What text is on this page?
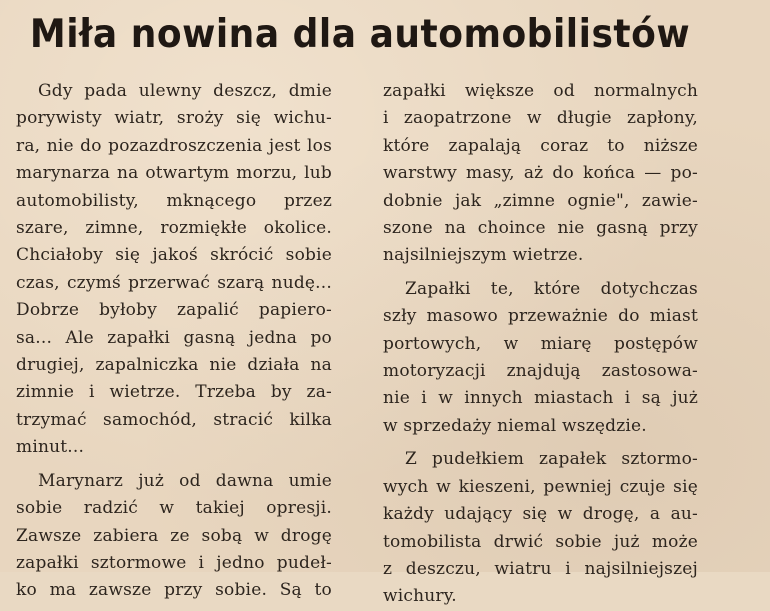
Miła nowina dla automobilistów
Gdy pada ulewny deszcz, dmie
porywisty wiatr, sroży się wichu-
ra, nie do pozazdroszczenia jest los
marynarza na otwartym morzu, lub
automobilisty, mknącego przez
szare, zimne, rozmiękłe okolice.
Chciałoby się jakoś skrócić sobie
czas, czymś przerwać szarą nudę...
Dobrze byłoby zapalić papiero-
sa... Ale zapałki gasną jedna po
drugiej, zapalniczka nie działa na
zimnie i wietrze. Trzeba by za-
trzymać samochód, stracić kilka
minut...
Marynarz już od dawna umie
sobie radzić w takiej opresji.
Zawsze zabiera ze sobą w drogę
zapałki sztormowe i jedno pudeł-
ko ma zawsze przy sobie. Są to
zapałki większe od normalnych
i zaopatrzone w długie zapłony,
które zapalają coraz to niższe
warstwy masy, aż do końca — po-
dobnie jak „zimne ognie", zawie-
szone na choince nie gasną przy
najsilniejszym wietrze.
Zapałki te, które dotychczas
szły masowo przeważnie do miast
portowych, w miarę postępów
motoryzacji znajdują zastosowa-
nie i w innych miastach i są już
w sprzedaży niemal wszędzie.
Z pudełkiem zapałek sztormo-
wych w kieszeni, pewniej czuje się
każdy udający się w drogę, a au-
tomobilista drwić sobie już może
z deszczu, wiatru i najsilniejszej
wichury.
